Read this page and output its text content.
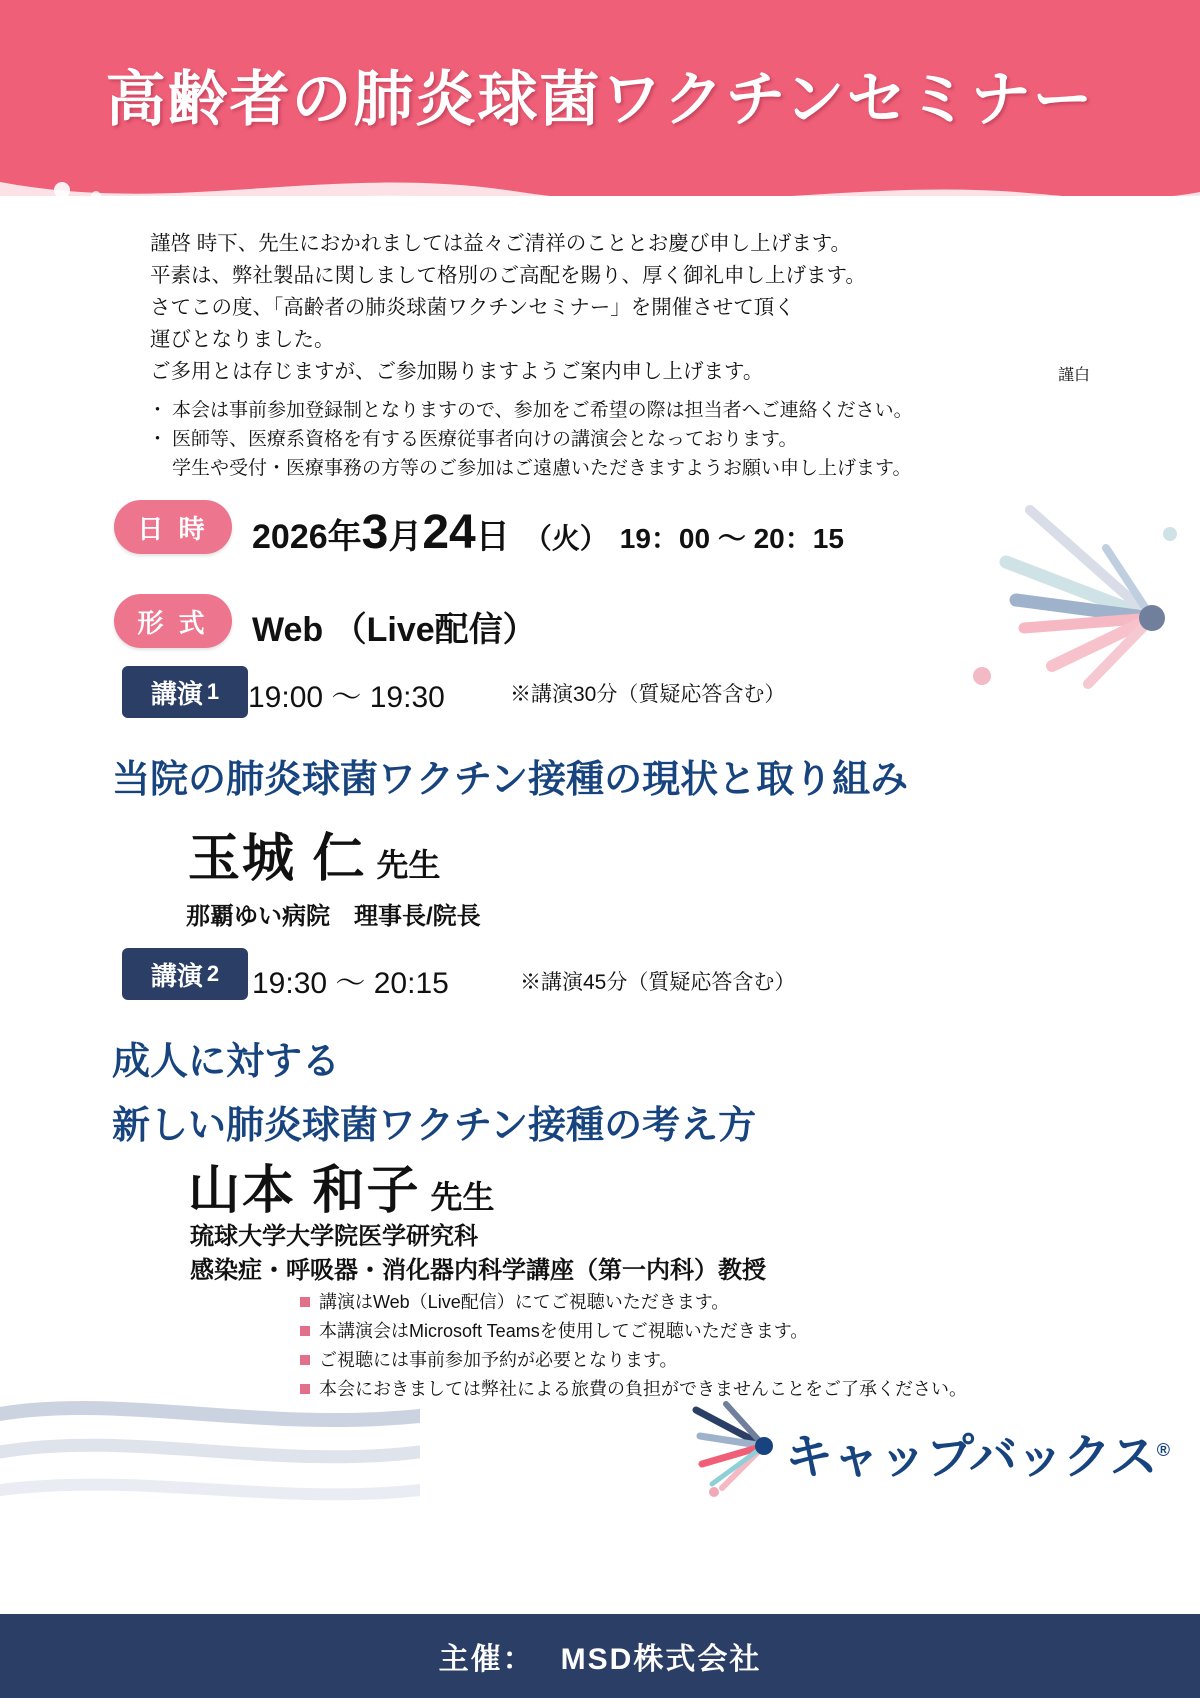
高齢者の肺炎球菌ワクチンセミナー
謹啓 時下、先生におかれましては益々ご清祥のこととお慶び申し上げます。
平素は、弊社製品に関しまして格別のご高配を賜り、厚く御礼申し上げます。
さてこの度、「高齢者の肺炎球菌ワクチンセミナー」を開催させて頂く
運びとなりました。
ご多用とは存じますが、ご参加賜りますようご案内申し上げます。	謹白
・ 本会は事前参加登録制となりますので、参加をご希望の際は担当者へご連絡ください。
・ 医師等、医療系資格を有する医療従事者向けの講演会となっております。
学生や受付・医療事務の方等のご参加はご遠慮いただきますようお願い申し上げます。
日 時 2026年3月24日 （火） 19：00 ～ 20：15
形 式 Web （Live配信）
講演 1 19:00 ～ 19:30	※講演30分（質疑応答含む）
当院の肺炎球菌ワクチン接種の現状と取り組み
玉城 仁 先生
那覇ゆい病院　理事長/院長
講演 2 19:30 ～ 20:15	※講演45分（質疑応答含む）
成人に対する
新しい肺炎球菌ワクチン接種の考え方
山本 和子 先生
琉球大学大学院医学研究科
感染症・呼吸器・消化器内科学講座（第一内科）教授
講演はWeb（Live配信）にてご視聴いただきます。
本講演会はMicrosoft Teamsを使用してご視聴いただきます。
ご視聴には事前参加予約が必要となります。
本会におきましては弊社による旅費の負担ができませんことをご了承ください。
キャップバックス®
主催： MSD株式会社
